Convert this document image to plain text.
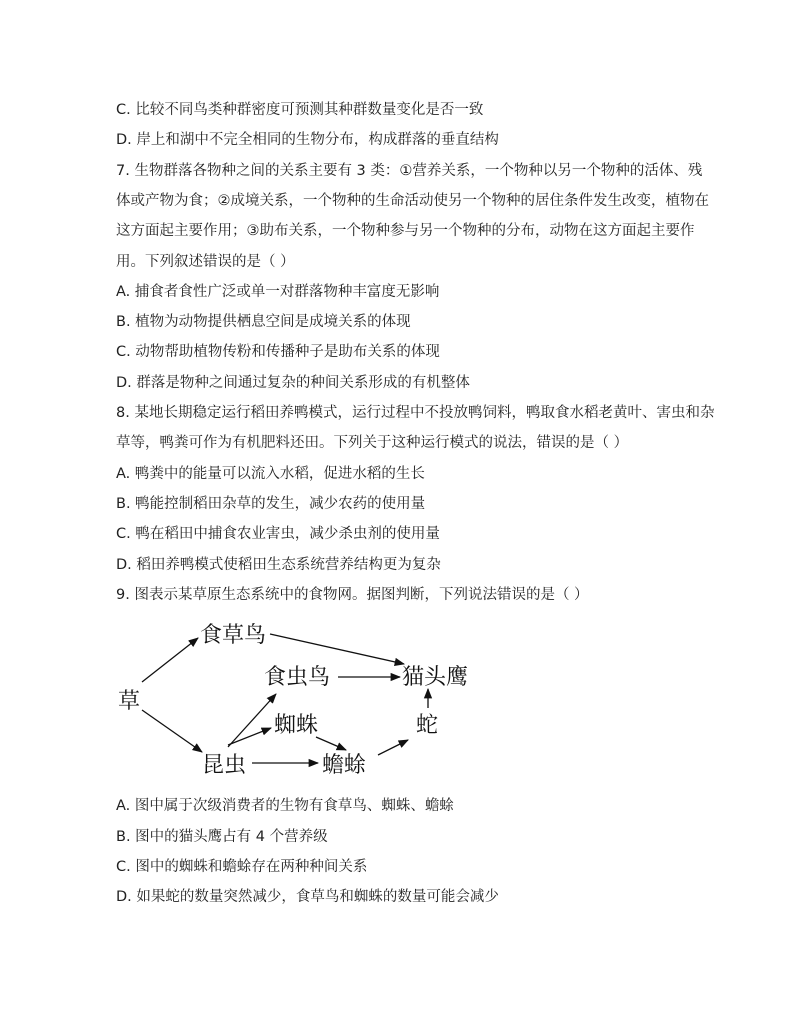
C. 比较不同鸟类种群密度可预测其种群数量变化是否一致
D. 岸上和湖中不完全相同的生物分布，构成群落的垂直结构
7. 生物群落各物种之间的关系主要有 3 类：①营养关系，一个物种以另一个物种的活体、残
体或产物为食；②成境关系，一个物种的生命活动使另一个物种的居住条件发生改变，植物在
这方面起主要作用；③助布关系，一个物种参与另一个物种的分布，动物在这方面起主要作
用。下列叙述错误的是（ ）
A. 捕食者食性广泛或单一对群落物种丰富度无影响
B. 植物为动物提供栖息空间是成境关系的体现
C. 动物帮助植物传粉和传播种子是助布关系的体现
D. 群落是物种之间通过复杂的种间关系形成的有机整体
8. 某地长期稳定运行稻田养鸭模式，运行过程中不投放鸭饲料，鸭取食水稻老黄叶、害虫和杂
草等，鸭粪可作为有机肥料还田。下列关于这种运行模式的说法，错误的是（ ）
A. 鸭粪中的能量可以流入水稻，促进水稻的生长
B. 鸭能控制稻田杂草的发生，减少农药的使用量
C. 鸭在稻田中捕食农业害虫，减少杀虫剂的使用量
D. 稻田养鸭模式使稻田生态系统营养结构更为复杂
9. 图表示某草原生态系统中的食物网。据图判断，下列说法错误的是（ ）
食草鸟
食虫鸟	猫头鹰
草
蜘蛛	蛇
昆虫	蟾蜍
A. 图中属于次级消费者的生物有食草鸟、蜘蛛、蟾蜍
B. 图中的猫头鹰占有 4 个营养级
C. 图中的蜘蛛和蟾蜍存在两种种间关系
D. 如果蛇的数量突然减少，食草鸟和蜘蛛的数量可能会减少
